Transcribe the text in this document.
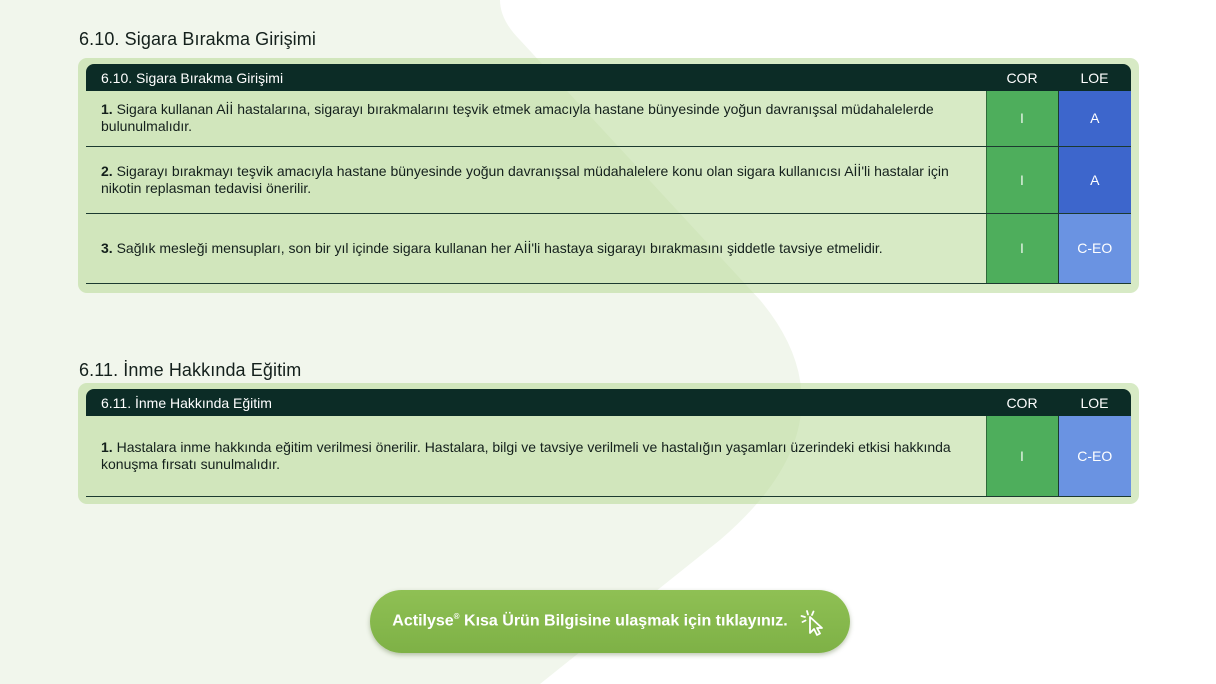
6.10. Sigara Bırakma Girişimi
6.10. Sigara Bırakma Girişimi	COR	LOE
1. Sigara kullanan Aİİ hastalarına, sigarayı bırakmalarını teşvik etmek amacıyla hastane bünyesinde yoğun davranışsal müdahalelerde bulunulmalıdır.	I	A
2. Sigarayı bırakmayı teşvik amacıyla hastane bünyesinde yoğun davranışsal müdahalelere konu olan sigara kullanıcısı Aİİ'li hastalar için nikotin replasman tedavisi önerilir.	I	A
3. Sağlık mesleği mensupları, son bir yıl içinde sigara kullanan her Aİİ'li hastaya sigarayı bırakmasını şiddetle tavsiye etmelidir.	I	C-EO
6.11. İnme Hakkında Eğitim
6.11. İnme Hakkında Eğitim	COR	LOE
1. Hastalara inme hakkında eğitim verilmesi önerilir. Hastalara, bilgi ve tavsiye verilmeli ve hastalığın yaşamları üzerindeki etkisi hakkında konuşma fırsatı sunulmalıdır.	I	C-EO
Actilyse® Kısa Ürün Bilgisine ulaşmak için tıklayınız.
